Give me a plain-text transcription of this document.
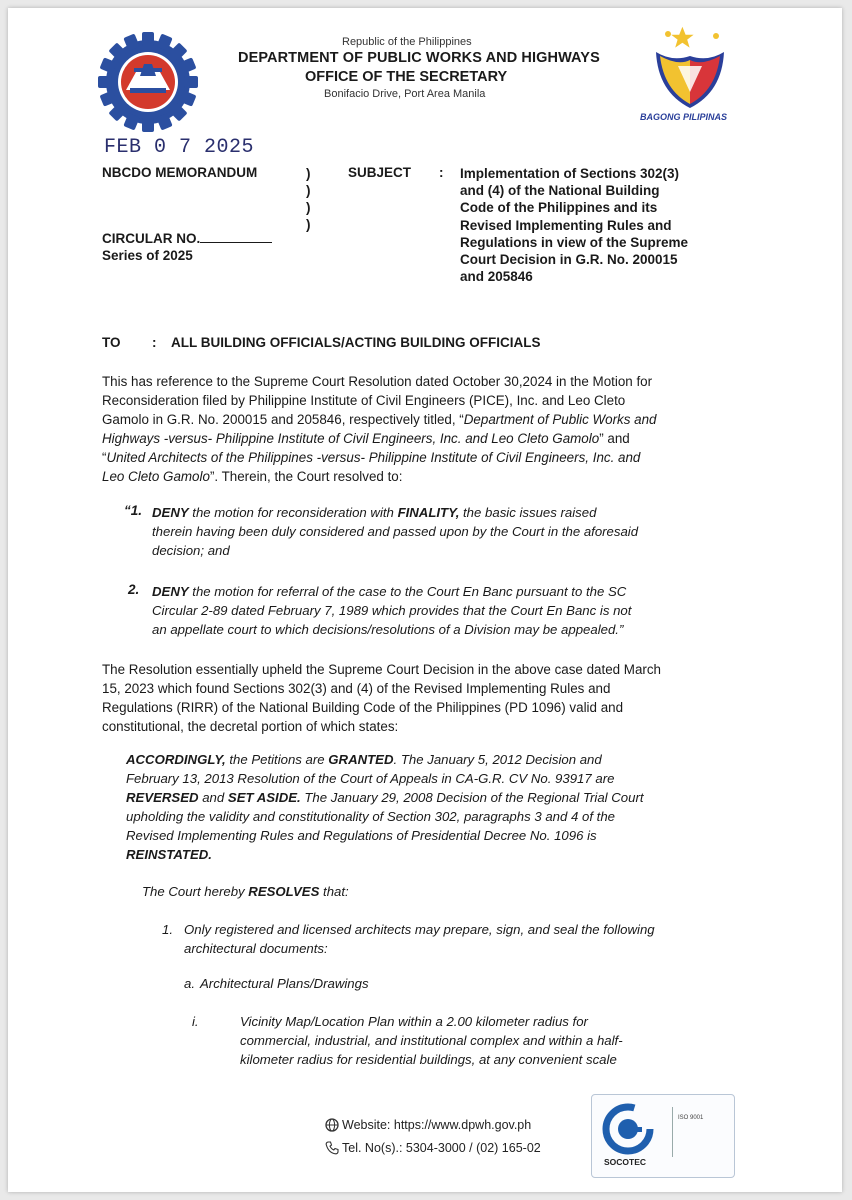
Republic of the Philippines
DEPARTMENT OF PUBLIC WORKS AND HIGHWAYS
OFFICE OF THE SECRETARY
Bonifacio Drive, Port Area Manila
BAGONG PILIPINAS
FEB 0 7 2025
NBCDO MEMORANDUM	)
)
)
)
CIRCULAR NO.
Series of 2025
SUBJECT : Implementation of Sections 302(3)
and (4) of the National Building
Code of the Philippines and its
Revised Implementing Rules and
Regulations in view of the Supreme
Court Decision in G.R. No. 200015
and 205846
TO : ALL BUILDING OFFICIALS/ACTING BUILDING OFFICIALS
This has reference to the Supreme Court Resolution dated October 30,2024 in the Motion for
Reconsideration filed by Philippine Institute of Civil Engineers (PICE), Inc. and Leo Cleto
Gamolo in G.R. No. 200015 and 205846, respectively titled, “Department of Public Works and
Highways -versus- Philippine Institute of Civil Engineers, Inc. and Leo Cleto Gamolo” and
“United Architects of the Philippines -versus- Philippine Institute of Civil Engineers, Inc. and
Leo Cleto Gamolo”. Therein, the Court resolved to:
“1. DENY the motion for reconsideration with FINALITY, the basic issues raised
therein having been duly considered and passed upon by the Court in the aforesaid
decision; and
2. DENY the motion for referral of the case to the Court En Banc pursuant to the SC
Circular 2-89 dated February 7, 1989 which provides that the Court En Banc is not
an appellate court to which decisions/resolutions of a Division may be appealed.”
The Resolution essentially upheld the Supreme Court Decision in the above case dated March
15, 2023 which found Sections 302(3) and (4) of the Revised Implementing Rules and
Regulations (RIRR) of the National Building Code of the Philippines (PD 1096) valid and
constitutional, the decretal portion of which states:
ACCORDINGLY, the Petitions are GRANTED. The January 5, 2012 Decision and
February 13, 2013 Resolution of the Court of Appeals in CA-G.R. CV No. 93917 are
REVERSED and SET ASIDE. The January 29, 2008 Decision of the Regional Trial Court
upholding the validity and constitutionality of Section 302, paragraphs 3 and 4 of the
Revised Implementing Rules and Regulations of Presidential Decree No. 1096 is
REINSTATED.
The Court hereby RESOLVES that:
1. Only registered and licensed architects may prepare, sign, and seal the following
architectural documents:
a. Architectural Plans/Drawings
i.	Vicinity Map/Location Plan within a 2.00 kilometer radius for
commercial, industrial, and institutional complex and within a half-
kilometer radius for residential buildings, at any convenient scale
Website: https://www.dpwh.gov.ph
Tel. No(s).: 5304-3000 / (02) 165-02
SOCOTEC
ISO 9001
